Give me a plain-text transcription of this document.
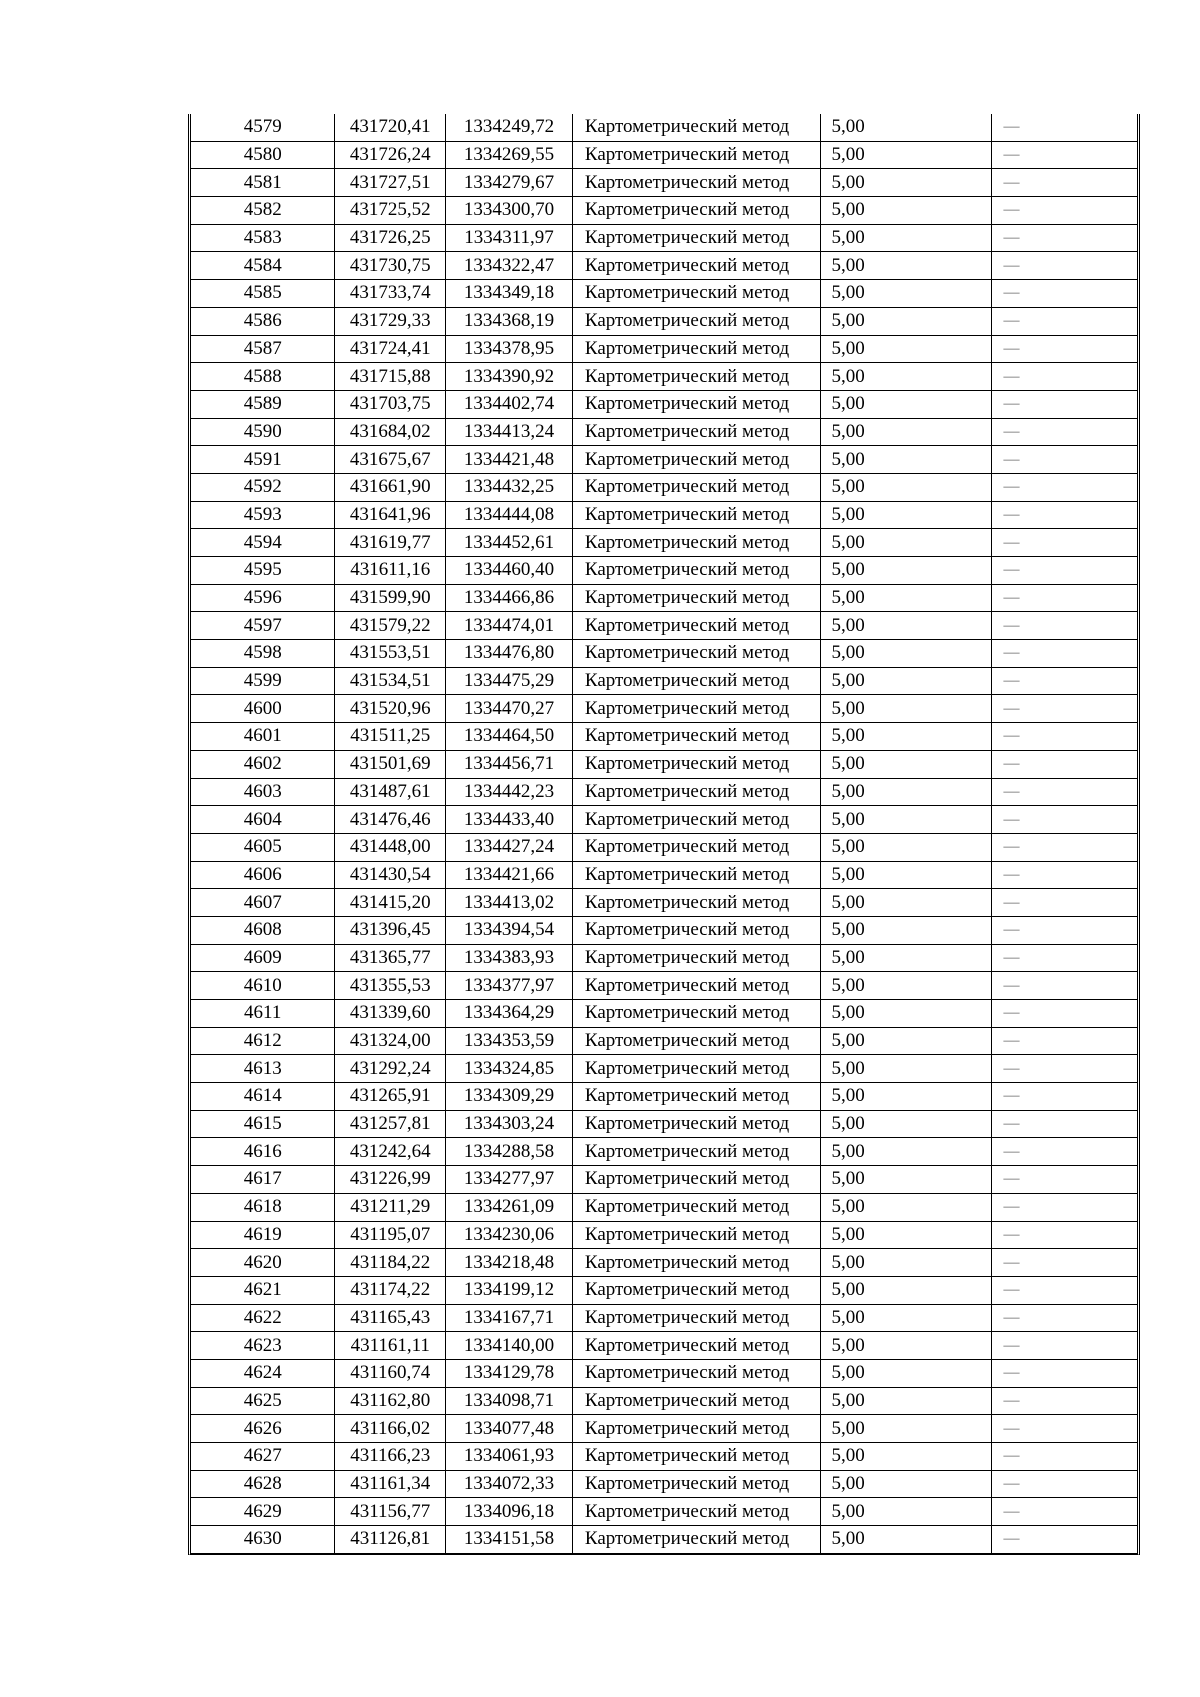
4579	431720,41	1334249,72	Картометрический метод	5,00	—
4580	431726,24	1334269,55	Картометрический метод	5,00	—
4581	431727,51	1334279,67	Картометрический метод	5,00	—
4582	431725,52	1334300,70	Картометрический метод	5,00	—
4583	431726,25	1334311,97	Картометрический метод	5,00	—
4584	431730,75	1334322,47	Картометрический метод	5,00	—
4585	431733,74	1334349,18	Картометрический метод	5,00	—
4586	431729,33	1334368,19	Картометрический метод	5,00	—
4587	431724,41	1334378,95	Картометрический метод	5,00	—
4588	431715,88	1334390,92	Картометрический метод	5,00	—
4589	431703,75	1334402,74	Картометрический метод	5,00	—
4590	431684,02	1334413,24	Картометрический метод	5,00	—
4591	431675,67	1334421,48	Картометрический метод	5,00	—
4592	431661,90	1334432,25	Картометрический метод	5,00	—
4593	431641,96	1334444,08	Картометрический метод	5,00	—
4594	431619,77	1334452,61	Картометрический метод	5,00	—
4595	431611,16	1334460,40	Картометрический метод	5,00	—
4596	431599,90	1334466,86	Картометрический метод	5,00	—
4597	431579,22	1334474,01	Картометрический метод	5,00	—
4598	431553,51	1334476,80	Картометрический метод	5,00	—
4599	431534,51	1334475,29	Картометрический метод	5,00	—
4600	431520,96	1334470,27	Картометрический метод	5,00	—
4601	431511,25	1334464,50	Картометрический метод	5,00	—
4602	431501,69	1334456,71	Картометрический метод	5,00	—
4603	431487,61	1334442,23	Картометрический метод	5,00	—
4604	431476,46	1334433,40	Картометрический метод	5,00	—
4605	431448,00	1334427,24	Картометрический метод	5,00	—
4606	431430,54	1334421,66	Картометрический метод	5,00	—
4607	431415,20	1334413,02	Картометрический метод	5,00	—
4608	431396,45	1334394,54	Картометрический метод	5,00	—
4609	431365,77	1334383,93	Картометрический метод	5,00	—
4610	431355,53	1334377,97	Картометрический метод	5,00	—
4611	431339,60	1334364,29	Картометрический метод	5,00	—
4612	431324,00	1334353,59	Картометрический метод	5,00	—
4613	431292,24	1334324,85	Картометрический метод	5,00	—
4614	431265,91	1334309,29	Картометрический метод	5,00	—
4615	431257,81	1334303,24	Картометрический метод	5,00	—
4616	431242,64	1334288,58	Картометрический метод	5,00	—
4617	431226,99	1334277,97	Картометрический метод	5,00	—
4618	431211,29	1334261,09	Картометрический метод	5,00	—
4619	431195,07	1334230,06	Картометрический метод	5,00	—
4620	431184,22	1334218,48	Картометрический метод	5,00	—
4621	431174,22	1334199,12	Картометрический метод	5,00	—
4622	431165,43	1334167,71	Картометрический метод	5,00	—
4623	431161,11	1334140,00	Картометрический метод	5,00	—
4624	431160,74	1334129,78	Картометрический метод	5,00	—
4625	431162,80	1334098,71	Картометрический метод	5,00	—
4626	431166,02	1334077,48	Картометрический метод	5,00	—
4627	431166,23	1334061,93	Картометрический метод	5,00	—
4628	431161,34	1334072,33	Картометрический метод	5,00	—
4629	431156,77	1334096,18	Картометрический метод	5,00	—
4630	431126,81	1334151,58	Картометрический метод	5,00	—
